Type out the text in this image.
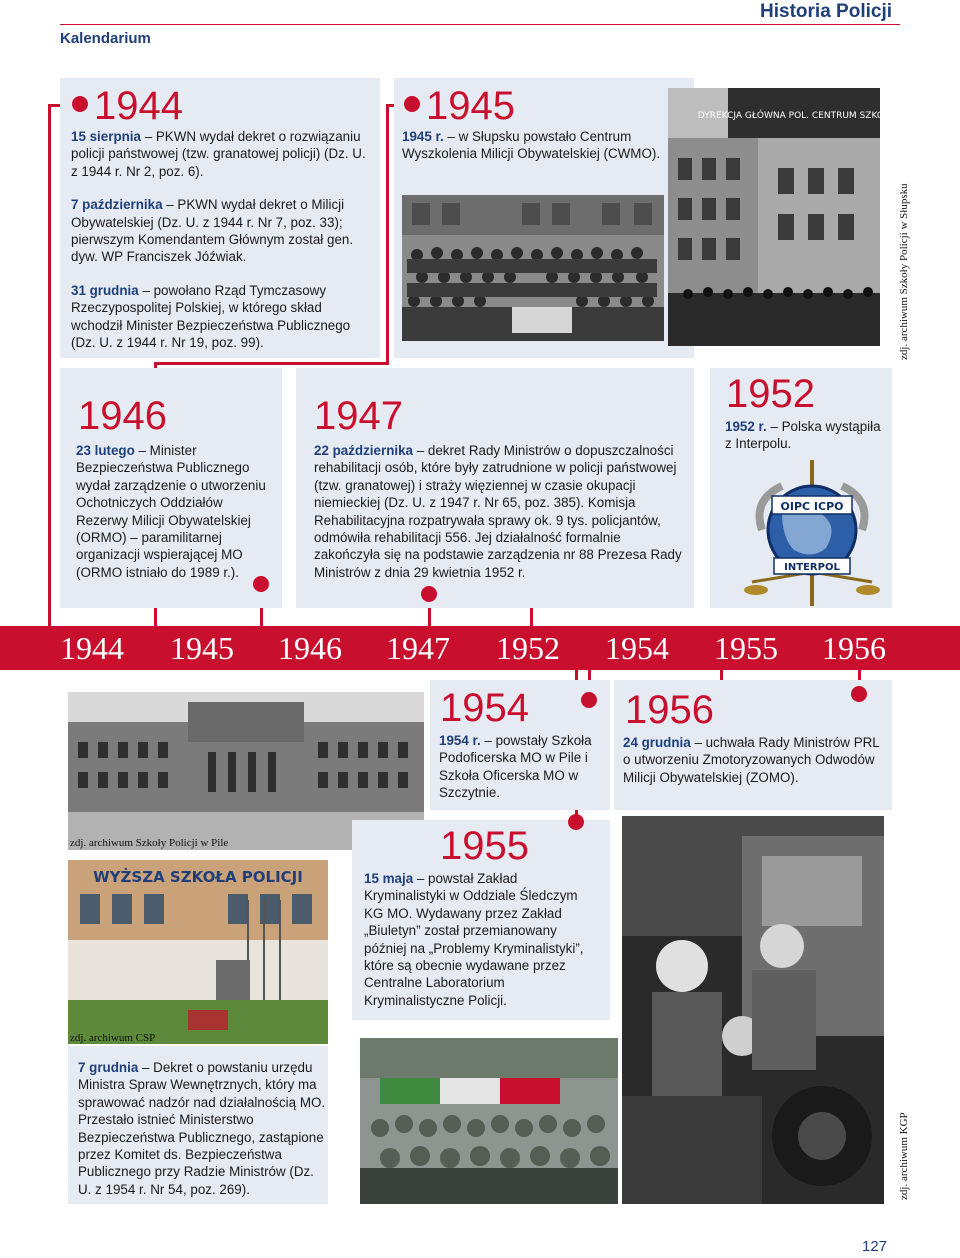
Kalendarium
Historia Policji
1944

15 sierpnia – PKWN wydał dekret o rozwiązaniu policji państwowej (tzw. granatowej policji) (Dz. U. z 1944 r. Nr 2, poz. 6).

7 października – PKWN wydał dekret o Milicji Obywatelskiej (Dz. U. z 1944 r. Nr 7, poz. 33); pierwszym Komendantem Głównym został gen. dyw. WP Franciszek Jóźwiak.

31 grudnia – powołano Rząd Tymczasowy Rzeczypospolitej Polskiej, w którego skład wchodził Minister Bezpieczeństwa Publicznego (Dz. U. z 1944 r. Nr 19, poz. 99).

1945
1945 r. – w Słupsku powstało Centrum Wyszkolenia Milicji Obywatelskiej (CWMO).
DYREKCJA GŁÓWNA POL. CENTRUM SZKOLENIA
zdj. archiwum Szkoły Policji w Słupsku
1946
23 lutego – Minister Bezpieczeństwa Publicznego wydał zarządzenie o utworzeniu Ochotniczych Oddziałów Rezerwy Milicji Obywatelskiej (ORMO) – paramilitarnej organizacji wspierającej MO (ORMO istniało do 1989 r.).
1947
22 października – dekret Rady Ministrów o dopuszczalności rehabilitacji osób, które były zatrudnione w policji państwowej (tzw. granatowej) i straży więziennej w czasie okupacji niemieckiej (Dz. U. z 1947 r. Nr 65, poz. 385). Komisja Rehabilitacyjna rozpatrywała sprawy ok. 9 tys. policjantów, odmówiła rehabilitacji 556. Jej działalność formalnie zakończyła się na podstawie zarządzenia nr 88 Prezesa Rady Ministrów z dnia 29 kwietnia 1952 r.
1952
1952 r. – Polska wystąpiła z Interpolu.
OIPC ICPO
INTERPOL
1944 1945 1946 1947 1952 1954 1955 1956
zdj. archiwum Szkoły Policji w Pile
WYŻSZA SZKOŁA POLICJI
zdj. archiwum CSP
7 grudnia – Dekret o powstaniu urzędu Ministra Spraw Wewnętrznych, który ma sprawować nadzór nad działalnością MO. Przestało istnieć Ministerstwo Bezpieczeństwa Publicznego, zastąpione przez Komitet ds. Bezpieczeństwa Publicznego przy Radzie Ministrów (Dz. U. z 1954 r. Nr 54, poz. 269).
1954
1954 r. – powstały Szkoła Podoficerska MO w Pile i Szkoła Oficerska MO w Szczytnie.
1956
24 grudnia – uchwała Rady Ministrów PRL o utworzeniu Zmotoryzowanych Odwodów Milicji Obywatelskiej (ZOMO).
1955
15 maja – powstał Zakład Kryminalistyki w Oddziale Śledczym KG MO. Wydawany przez Zakład „Biuletyn” został przemianowany później na „Problemy Kryminalistyki”, które są obecnie wydawane przez Centralne Laboratorium Kryminalistyczne Policji.
zdj. archiwum KGP
127
